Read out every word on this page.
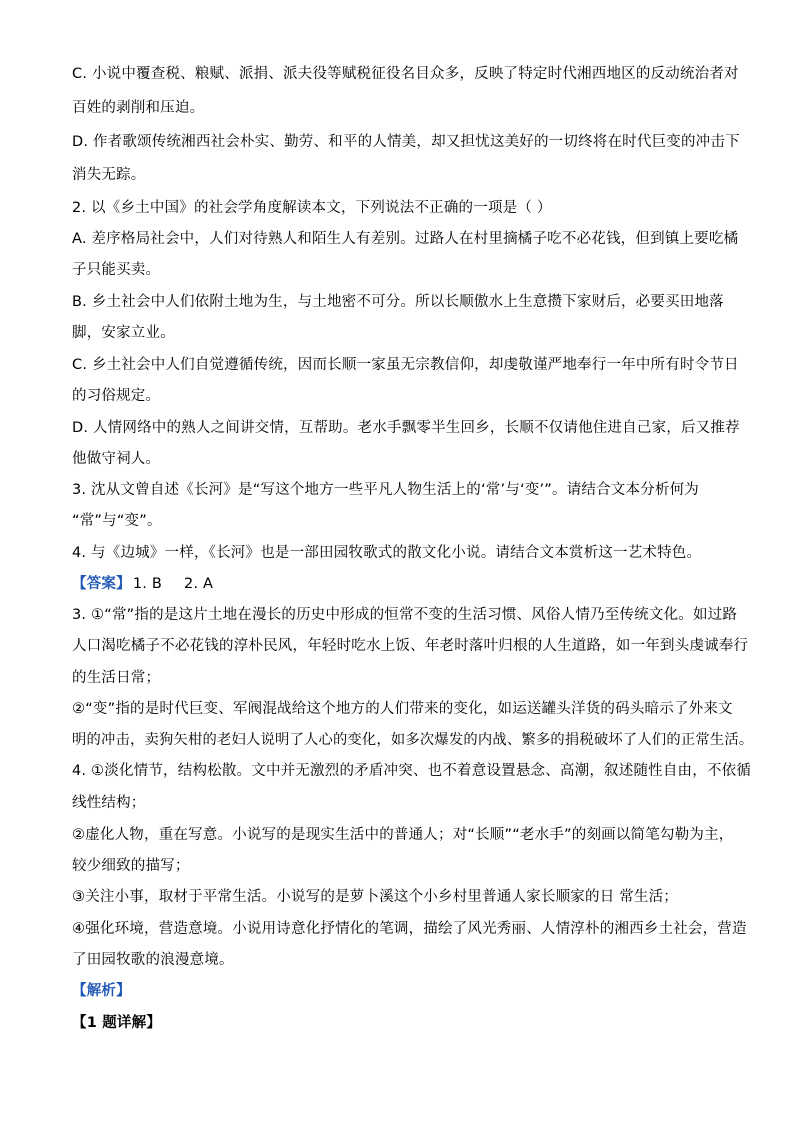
C. 小说中覆查税、粮赋、派捐、派夫役等赋税征役名目众多，反映了特定时代湘西地区的反动统治者对
百姓的剥削和压迫。
D. 作者歌颂传统湘西社会朴实、勤劳、和平的人情美，却又担忧这美好的一切终将在时代巨变的冲击下
消失无踪。
2. 以《乡土中国》的社会学角度解读本文，下列说法不正确的一项是（ ）
A. 差序格局社会中，人们对待熟人和陌生人有差别。过路人在村里摘橘子吃不必花钱，但到镇上要吃橘
子只能买卖。
B. 乡土社会中人们依附土地为生，与土地密不可分。所以长顺傲水上生意攒下家财后，必要买田地落
脚，安家立业。
C. 乡土社会中人们自觉遵循传统，因而长顺一家虽无宗教信仰，却虔敬谨严地奉行一年中所有时令节日
的习俗规定。
D. 人情网络中的熟人之间讲交情，互帮助。老水手飘零半生回乡，长顺不仅请他住进自己家，后又推荐
他做守祠人。
3. 沈从文曾自述《长河》是“写这个地方一些平凡人物生活上的‘常’与‘变’”。请结合文本分析何为
“常”与“变”。
4. 与《边城》一样，《长河》也是一部田园牧歌式的散文化小说。请结合文本赏析这一艺术特色。
【答案】 1. B 2. A
3. ①“常”指的是这片土地在漫长的历史中形成的恒常不变的生活习惯、风俗人情乃至传统文化。如过路
人口渴吃橘子不必花钱的淳朴民风，年轻时吃水上饭、年老时落叶归根的人生道路，如一年到头虔诚奉行
的生活日常；
②“变”指的是时代巨变、军阀混战给这个地方的人们带来的变化，如运送罐头洋货的码头暗示了外来文
明的冲击，卖狗矢柑的老妇人说明了人心的变化，如多次爆发的内战、繁多的捐税破坏了人们的正常生活。
4. ①淡化情节，结构松散。文中并无激烈的矛盾冲突、也不着意设置悬念、高潮，叙述随性自由，不依循
线性结构；
②虚化人物，重在写意。小说写的是现实生活中的普通人；对“长顺”“老水手”的刻画以简笔勾勒为主，
较少细致的描写；
③关注小事，取材于平常生活。小说写的是萝卜溪这个小乡村里普通人家长顺家的日 常生活；
④强化环境，营造意境。小说用诗意化抒情化的笔调，描绘了风光秀丽、人情淳朴的湘西乡土社会，营造
了田园牧歌的浪漫意境。
【解析】
【1 题详解】
